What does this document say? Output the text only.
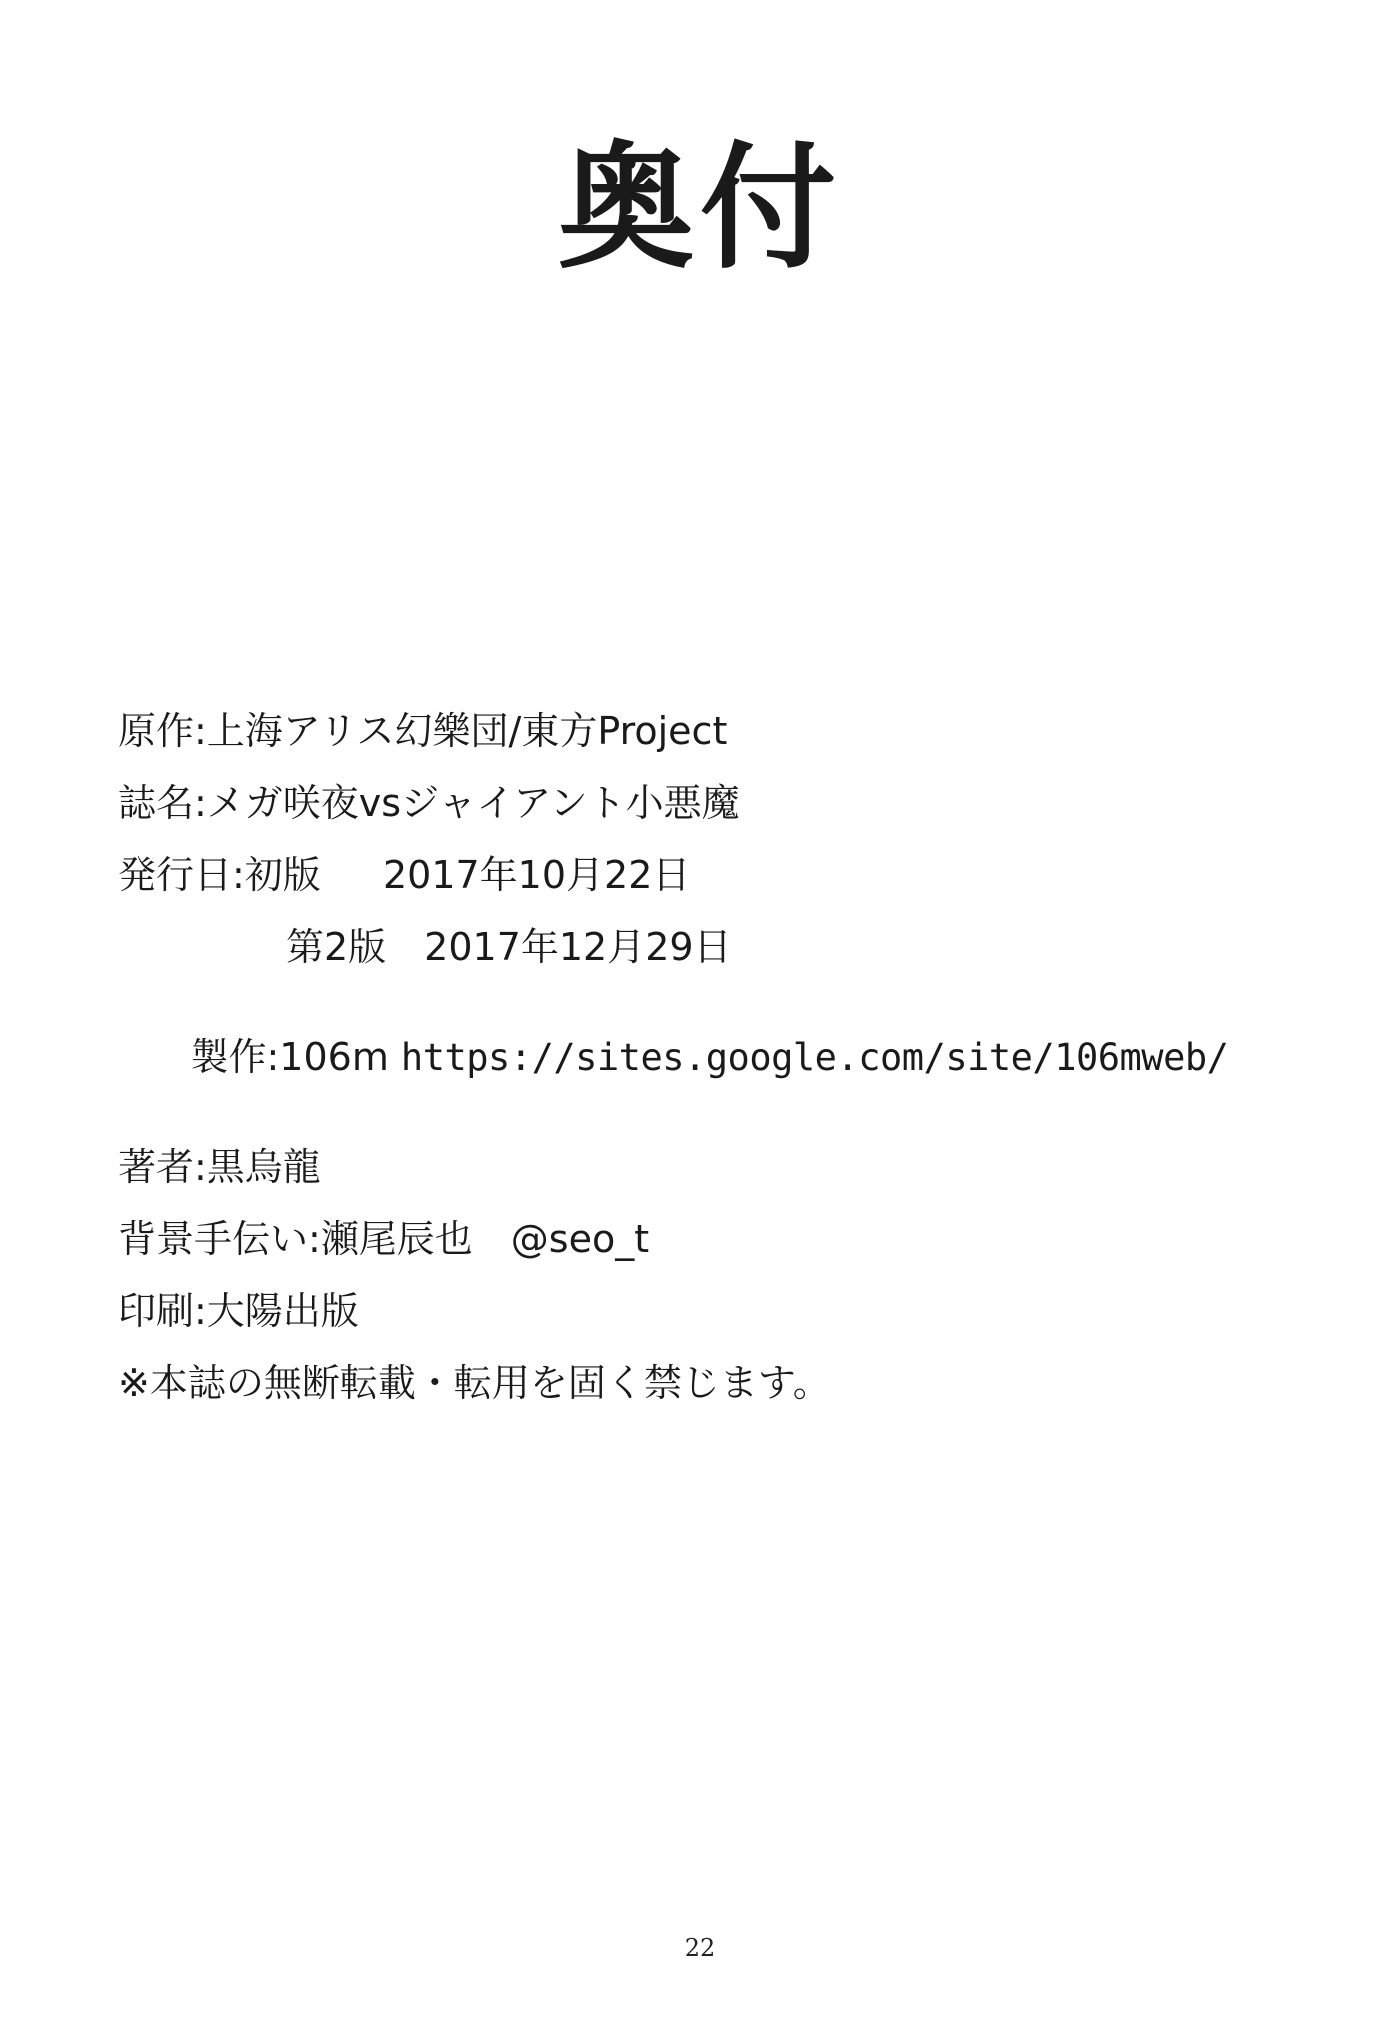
奥付
原作:上海アリス幻樂団/東方Project
誌名:メガ咲夜vsジャイアント小悪魔
発行日:初版　  2017年10月22日
第2版　2017年12月29日

製作:106m https://sites.google.com/site/106mweb/

著者:黒烏龍
背景手伝い:瀬尾辰也　@seo_t
印刷:大陽出版
※本誌の無断転載・転用を固く禁じます。
22
